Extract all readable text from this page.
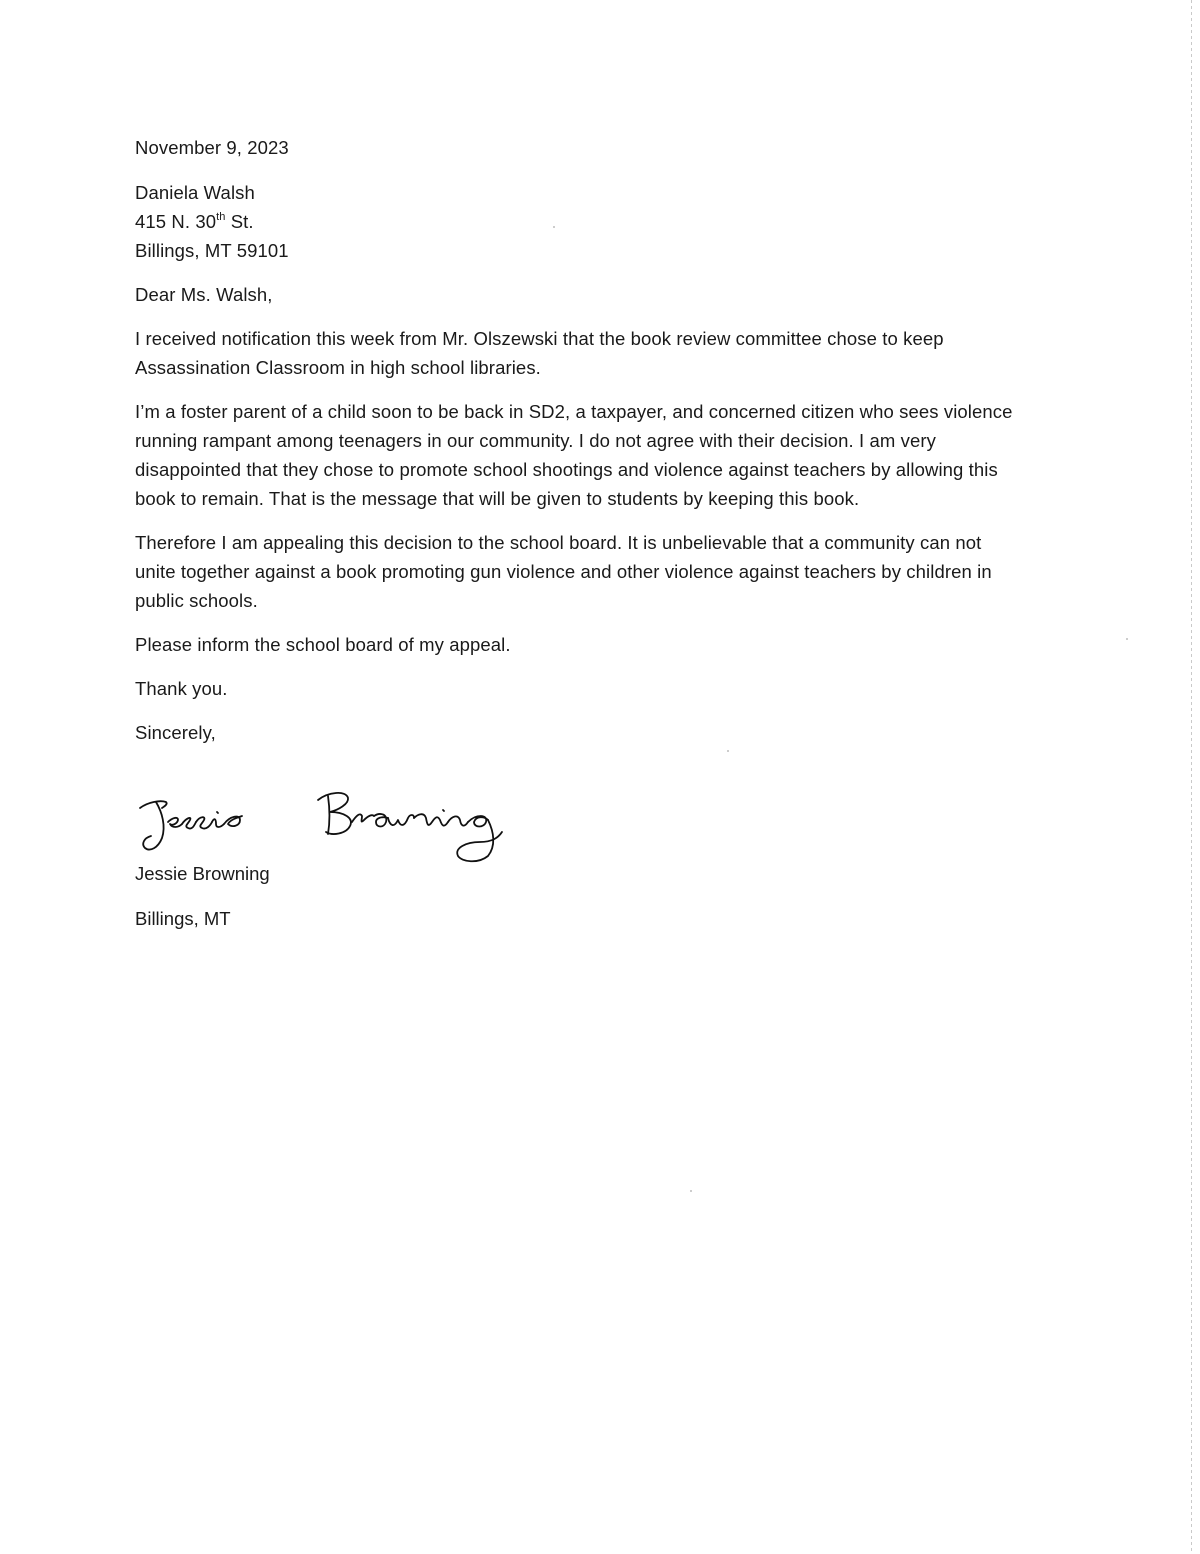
November 9, 2023
Daniela Walsh
415 N. 30th St.
Billings, MT 59101
Dear Ms. Walsh,
I received notification this week from Mr. Olszewski that the book review committee chose to keep
Assassination Classroom in high school libraries.
I’m a foster parent of a child soon to be back in SD2, a taxpayer, and concerned citizen who sees violence
running rampant among teenagers in our community. I do not agree with their decision. I am very
disappointed that they chose to promote school shootings and violence against teachers by allowing this
book to remain. That is the message that will be given to students by keeping this book.
Therefore I am appealing this decision to the school board. It is unbelievable that a community can not
unite together against a book promoting gun violence and other violence against teachers by children in
public schools.
Please inform the school board of my appeal.
Thank you.
Sincerely,
Jessie Browning
Billings, MT
